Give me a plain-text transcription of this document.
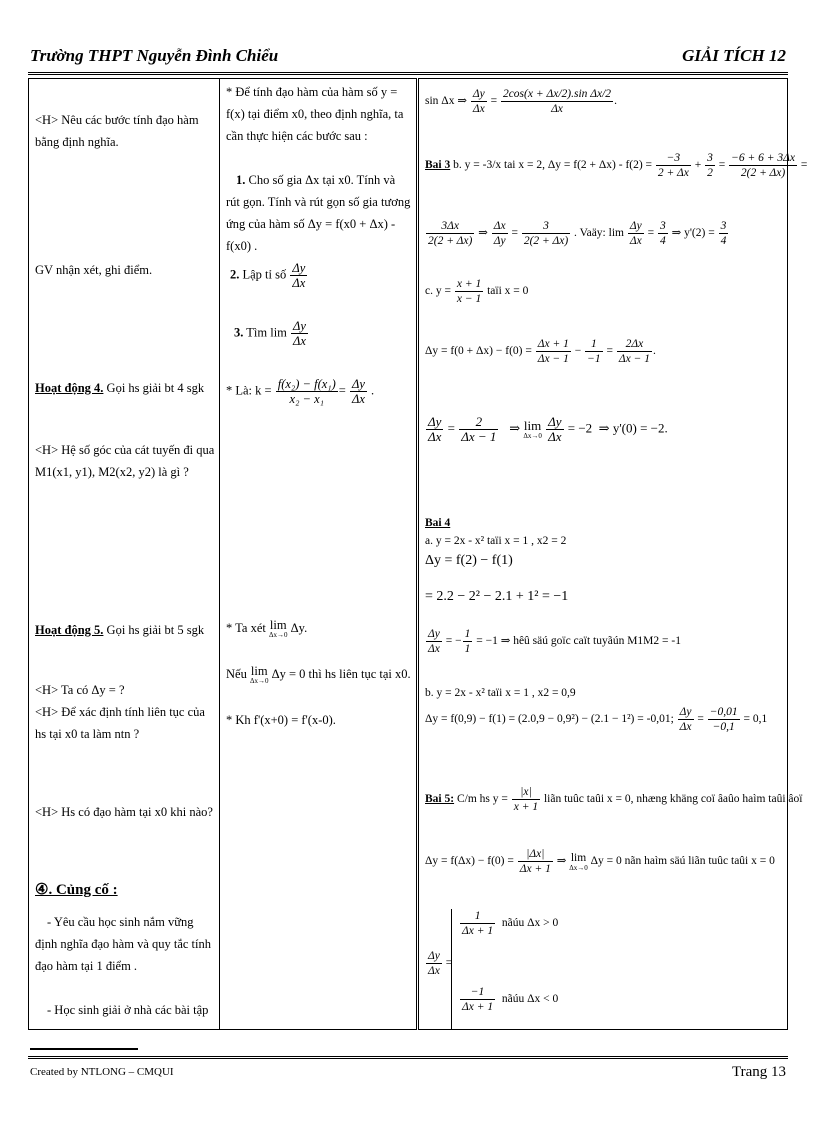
Trường THPT Nguyễn Đình Chiểu	GIẢI TÍCH 12
<H> Nêu các bước tính đạo hàm bằng định nghĩa.
GV nhận xét, ghi điểm.
Hoạt động 4. Gọi hs giải bt 4 sgk
<H> Hệ số góc của cát tuyến đi qua M1(x1, y1), M2(x2, y2) là gì ?
Hoạt động 5. Gọi hs giải bt 5 sgk
<H> Ta có Δy = ?
<H> Để xác định tính liên tục của hs tại x0 ta làm ntn ?
<H> Hs có đạo hàm tại x0 khi nào?
④. Củng cố :
- Yêu cầu học sinh nắm vững định nghĩa đạo hàm và quy tắc tính đạo hàm tại 1 điểm .
- Học sinh giải ở nhà các bài tập

* Để tính đạo hàm của hàm số y = f(x) tại điểm x0, theo định nghĩa, ta cần thực hiện các bước sau :
1. Cho số gia Δx tại x0. Tính và rút gọn. Tính và rút gọn số gia tương ứng của hàm số Δy = f(x0 + Δx) - f(x0) .
2. Lập tỉ số $\frac{\Delta y}{\Delta x}$
3. Tìm $\lim \frac{\Delta y}{\Delta x}$
* Là: $k = \frac{\text{f(x₂) − f(x₁)}}{\text{x₂ − x₁}} = \frac{\Delta y}{\Delta x}$ .
* Ta xét lim
Δx→0
Δy.
Nếu lim
Δx→0
Δy = 0 thì hs liên tục tại x0.
* Kh f'(x+0) = f'(x-0).

sin Δx ⇒ $\frac{\Delta y}{\Delta x} = \frac{\text{2cos(x + Δx/2).sin Δx/2}}{\Delta x}$ .
Bai 3 b. y = -3/x tai x = 2, $\Delta y = f(2 + \Delta x) - f(2) = \frac{-3}{2 + \Delta x} + \frac{3}{2} = \frac{-6 + 6 + 3\Delta x}{2(2 + \Delta x)}$ =
$\frac{3\Delta x}{2(2 + \Delta x)}$ ⇒ $\frac{\Delta x}{\Delta y} = \frac{3}{2(2 + \Delta x)}$ . Vaäy: $\lim \frac{\Delta y}{\Delta x} = \frac{3}{4}$ ⇒ $y'(2) = \frac{3}{4}$
c. $y = \frac{x + 1}{x - 1}$ taïi x = 0
$\Delta y = f(0 + \Delta x) - f(0) = \frac{\Delta x + 1}{\Delta x - 1} - \frac{1}{-1} = \frac{2\Delta x}{\Delta x - 1}$ .
$\frac{\Delta y}{\Delta x} = \frac{2}{\Delta x - 1}$ ⇒ lim
Δx→0
$\frac{\Delta y}{\Delta x} = -2$  ⇒ y'(0) = −2.
Bai 4
a. y = 2x - x² taïi x = 1 , x2 = 2
Δy = f(2) − f(1)
= 2.2 − 2² − 2.1 + 1² = −1
$\frac{\Delta y}{\Delta x}$ = − $\frac{1}{1} = -1$ ⇒ hêû säú goïc caït tuyãún M1M2 = -1
b. y = 2x - x² taïi x = 1 , x2 = 0,9
Δy = f(0,9) − f(1) = (2.0,9 − 0,9²) − (2.1 − 1²) = -0,01; $\frac{\Delta y}{\Delta x} = \frac{-0,01}{-0,1} = 0,1$
Bai 5: C/m hs $y = \frac{|x|}{x + 1}$ liãn tuûc taûi x = 0, nhæng khäng coï âaûo haìm taûi âoï
$\Delta y = f(\Delta x) - f(0) = \frac{|\Delta x|}{\Delta x + 1}$ ⇒ lim
Δx→0
Δy = 0 nãn haìm säú liãn tuûc taûi x = 0
$\frac{\Delta y}{\Delta x}$ =
$\frac{1}{\Delta x + 1}$ nãúu Δx > 0
$\frac{-1}{\Delta x + 1}$ nãúu Δx < 0
Created by NTLONG – CMQUI	Trang 13
